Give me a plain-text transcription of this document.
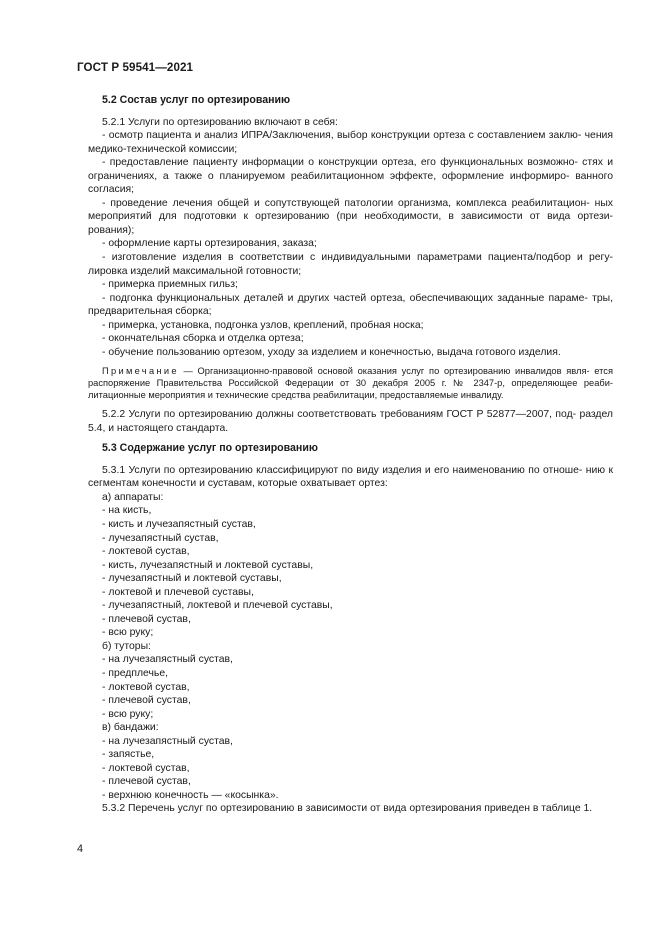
ГОСТ Р 59541—2021
5.2 Состав услуг по ортезированию

5.2.1 Услуги по ортезированию включают в себя:

- осмотр пациента и анализ ИПРА/Заключения, выбор конструкции ортеза с составлением заклю- чения медико-технической комиссии;

- предоставление пациенту информации о конструкции ортеза, его функциональных возможно- стях и ограничениях, а также о планируемом реабилитационном эффекте, оформление информиро- ванного согласия;

- проведение лечения общей и сопутствующей патологии организма, комплекса реабилитацион- ных мероприятий для подготовки к ортезированию (при необходимости, в зависимости от вида ортези- рования);

- оформление карты ортезирования, заказа;

- изготовление изделия в соответствии с индивидуальными параметрами пациента/подбор и регу- лировка изделий максимальной готовности;

- примерка приемных гильз;

- подгонка функциональных деталей и других частей ортеза, обеспечивающих заданные параме- тры, предварительная сборка;

- примерка, установка, подгонка узлов, креплений, пробная носка;

- окончательная сборка и отделка ортеза;

- обучение пользованию ортезом, уходу за изделием и конечностью, выдача готового изделия.

Примечание — Организационно-правовой основой оказания услуг по ортезированию инвалидов явля- ется распоряжение Правительства Российской Федерации от 30 декабря 2005 г. № 2347-р, определяющее реаби- литационные мероприятия и технические средства реабилитации, предоставляемые инвалиду.

5.2.2 Услуги по ортезированию должны соответствовать требованиям ГОСТ Р 52877—2007, под- раздел 5.4, и настоящего стандарта.

5.3 Содержание услуг по ортезированию

5.3.1 Услуги по ортезированию классифицируют по виду изделия и его наименованию по отноше- нию к сегментам конечности и суставам, которые охватывает ортез:

а) аппараты:

- на кисть,

- кисть и лучезапястный сустав,

- лучезапястный сустав,

- локтевой сустав,

- кисть, лучезапястный и локтевой суставы,

- лучезапястный и локтевой суставы,

- локтевой и плечевой суставы,

- лучезапястный, локтевой и плечевой суставы,

- плечевой сустав,

- всю руку;

б) туторы:

- на лучезапястный сустав,

- предплечье,

- локтевой сустав,

- плечевой сустав,

- всю руку;

в) бандажи:

- на лучезапястный сустав,

- запястье,

- локтевой сустав,

- плечевой сустав,

- верхнюю конечность — «косынка».

5.3.2 Перечень услуг по ортезированию в зависимости от вида ортезирования приведен в таблице 1.

4
